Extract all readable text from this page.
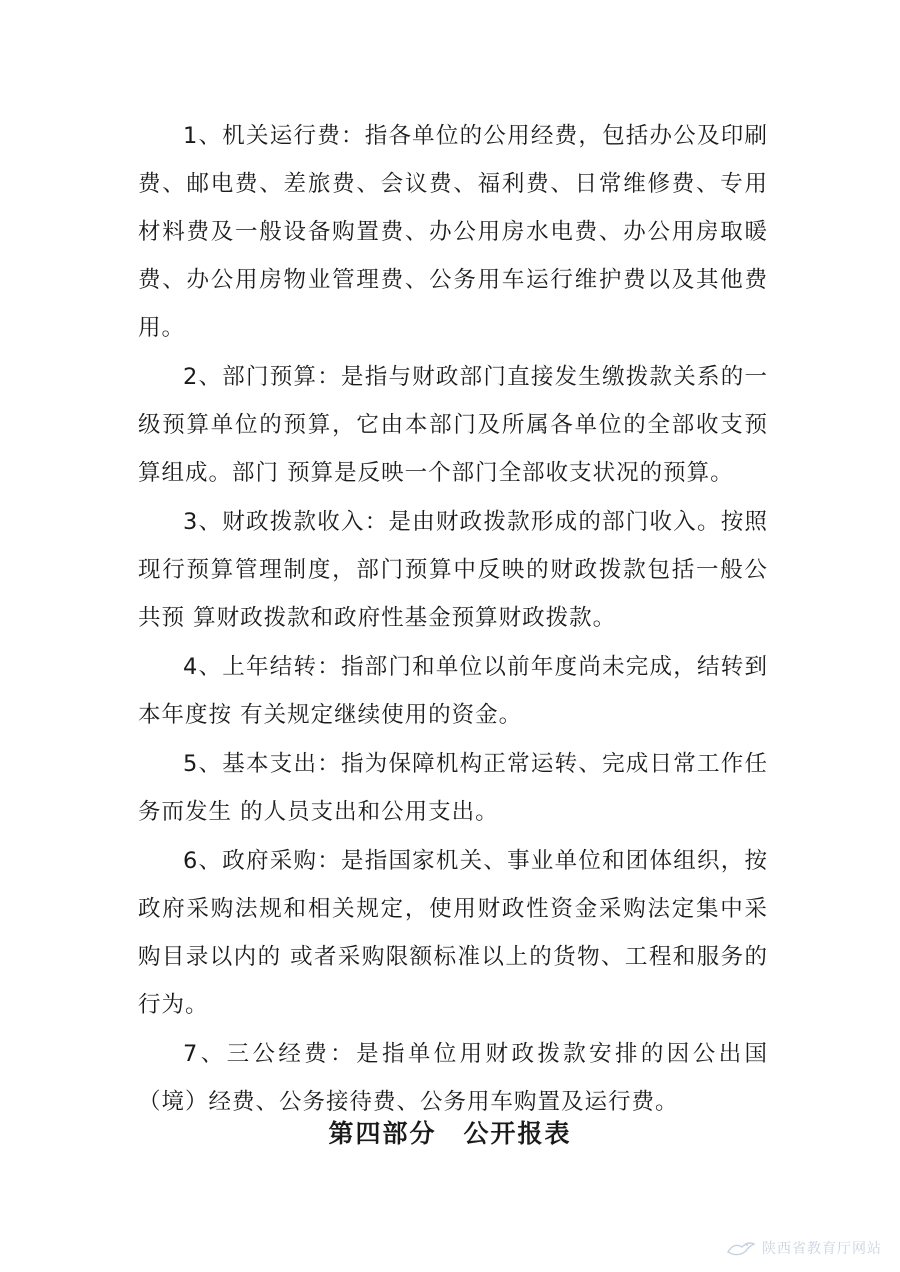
1、机关运行费：指各单位的公用经费，包括办公及印刷费、邮电费、差旅费、会议费、福利费、日常维修费、专用材料费及一般设备购置费、办公用房水电费、办公用房取暖费、办公用房物业管理费、公务用车运行维护费以及其他费用。

2、部门预算：是指与财政部门直接发生缴拨款关系的一级预算单位的预算，它由本部门及所属各单位的全部收支预算组成。部门 预算是反映一个部门全部收支状况的预算。

3、财政拨款收入：是由财政拨款形成的部门收入。按照现行预算管理制度，部门预算中反映的财政拨款包括一般公共预 算财政拨款和政府性基金预算财政拨款。

4、上年结转：指部门和单位以前年度尚未完成，结转到本年度按 有关规定继续使用的资金。

5、基本支出：指为保障机构正常运转、完成日常工作任务而发生 的人员支出和公用支出。

6、政府采购：是指国家机关、事业单位和团体组织，按政府采购法规和相关规定，使用财政性资金采购法定集中采购目录以内的 或者采购限额标准以上的货物、工程和服务的行为。

7、三公经费：是指单位用财政拨款安排的因公出国（境）经费、公务接待费、公务用车购置及运行费。

第四部分　公开报表
陕西省教育厅网站
